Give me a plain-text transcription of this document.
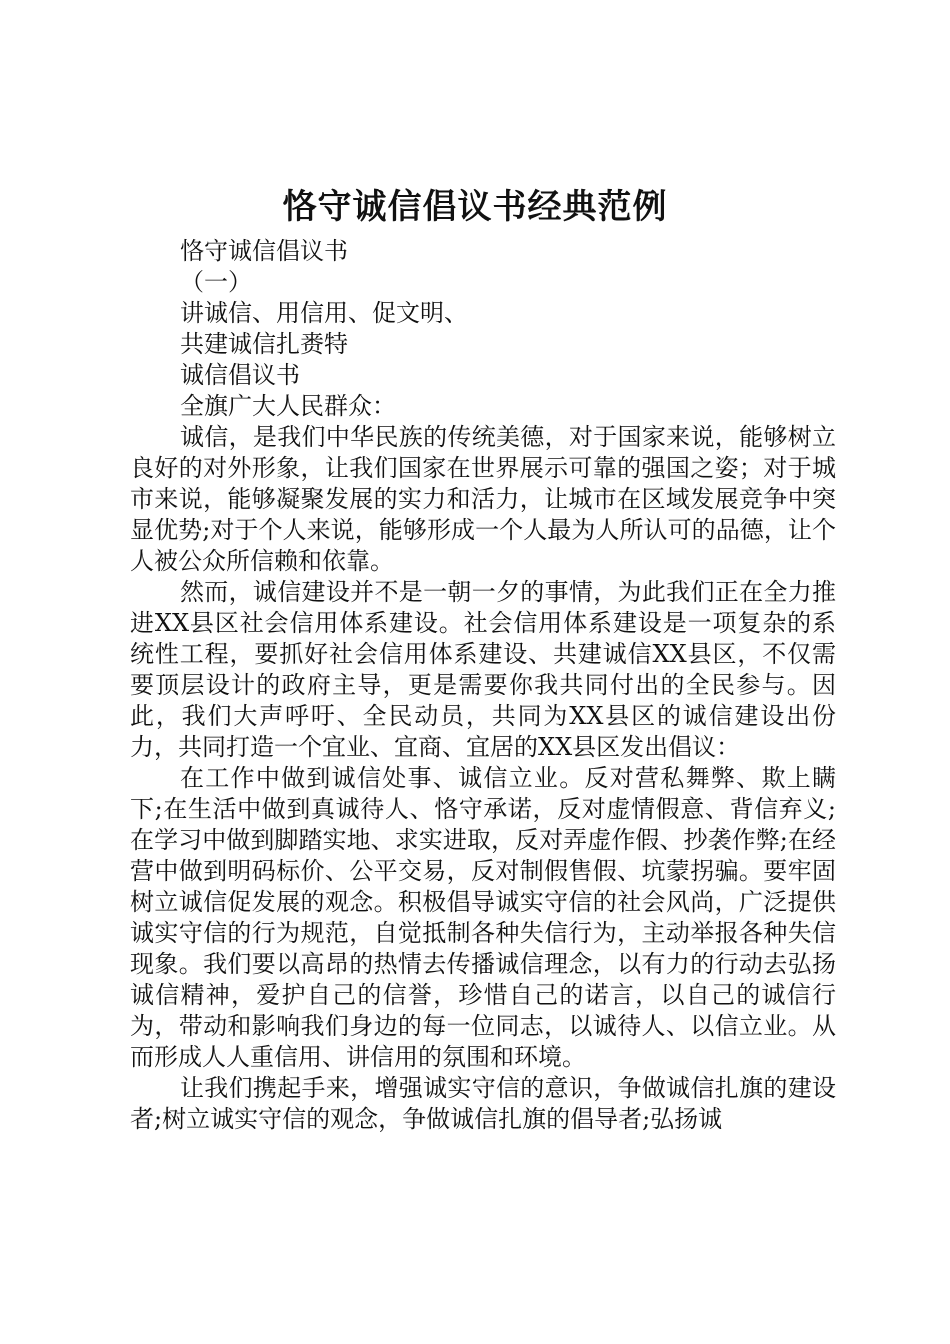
恪守诚信倡议书经典范例
恪守诚信倡议书
（一）
讲诚信、用信用、促文明、
共建诚信扎赉特
诚信倡议书
全旗广大人民群众：

诚信，是我们中华民族的传统美德，对于国家来说，能够树立良好的对外形象，让我们国家在世界展示可靠的强国之姿；对于城市来说，能够凝聚发展的实力和活力，让城市在区域发展竞争中突显优势;对于个人来说，能够形成一个人最为人所认可的品德，让个人被公众所信赖和依靠。

然而，诚信建设并不是一朝一夕的事情，为此我们正在全力推进XX县区社会信用体系建设。社会信用体系建设是一项复杂的系统性工程，要抓好社会信用体系建设、共建诚信XX县区，不仅需要顶层设计的政府主导，更是需要你我共同付出的全民参与。因此，我们大声呼吁、全民动员，共同为XX县区的诚信建设出份力，共同打造一个宜业、宜商、宜居的XX县区发出倡议：

在工作中做到诚信处事、诚信立业。反对营私舞弊、欺上瞒下;在生活中做到真诚待人、恪守承诺，反对虚情假意、背信弃义;在学习中做到脚踏实地、求实进取，反对弄虚作假、抄袭作弊;在经营中做到明码标价、公平交易，反对制假售假、坑蒙拐骗。要牢固树立诚信促发展的观念。积极倡导诚实守信的社会风尚，广泛提供诚实守信的行为规范，自觉抵制各种失信行为，主动举报各种失信现象。我们要以高昂的热情去传播诚信理念，以有力的行动去弘扬诚信精神，爱护自己的信誉，珍惜自己的诺言，以自己的诚信行为，带动和影响我们身边的每一位同志，以诚待人、以信立业。从而形成人人重信用、讲信用的氛围和环境。

让我们携起手来，增强诚实守信的意识，争做诚信扎旗的建设者;树立诚实守信的观念，争做诚信扎旗的倡导者;弘扬诚
